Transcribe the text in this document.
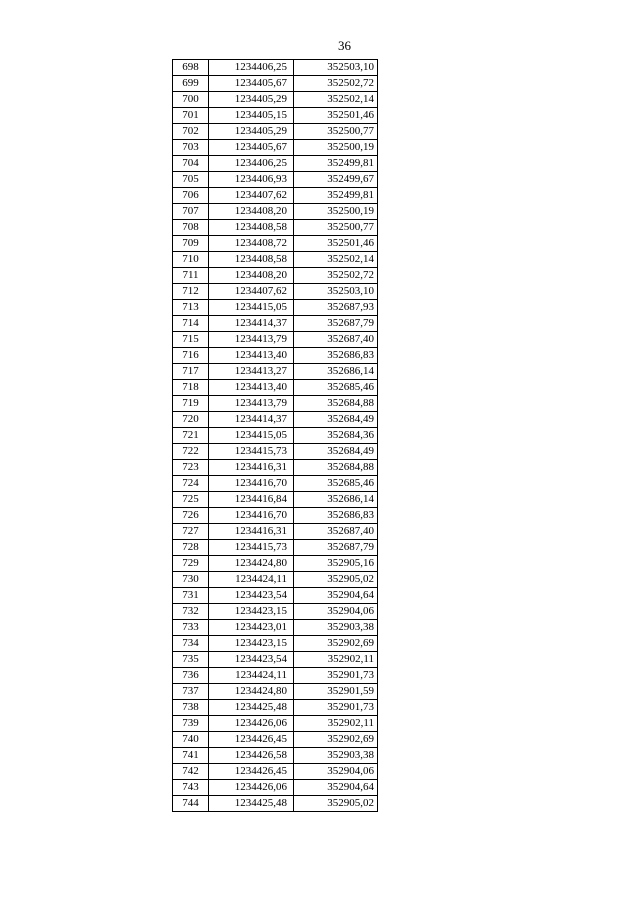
36
698	1234406,25	352503,10
699	1234405,67	352502,72
700	1234405,29	352502,14
701	1234405,15	352501,46
702	1234405,29	352500,77
703	1234405,67	352500,19
704	1234406,25	352499,81
705	1234406,93	352499,67
706	1234407,62	352499,81
707	1234408,20	352500,19
708	1234408,58	352500,77
709	1234408,72	352501,46
710	1234408,58	352502,14
711	1234408,20	352502,72
712	1234407,62	352503,10
713	1234415,05	352687,93
714	1234414,37	352687,79
715	1234413,79	352687,40
716	1234413,40	352686,83
717	1234413,27	352686,14
718	1234413,40	352685,46
719	1234413,79	352684,88
720	1234414,37	352684,49
721	1234415,05	352684,36
722	1234415,73	352684,49
723	1234416,31	352684,88
724	1234416,70	352685,46
725	1234416,84	352686,14
726	1234416,70	352686,83
727	1234416,31	352687,40
728	1234415,73	352687,79
729	1234424,80	352905,16
730	1234424,11	352905,02
731	1234423,54	352904,64
732	1234423,15	352904,06
733	1234423,01	352903,38
734	1234423,15	352902,69
735	1234423,54	352902,11
736	1234424,11	352901,73
737	1234424,80	352901,59
738	1234425,48	352901,73
739	1234426,06	352902,11
740	1234426,45	352902,69
741	1234426,58	352903,38
742	1234426,45	352904,06
743	1234426,06	352904,64
744	1234425,48	352905,02
